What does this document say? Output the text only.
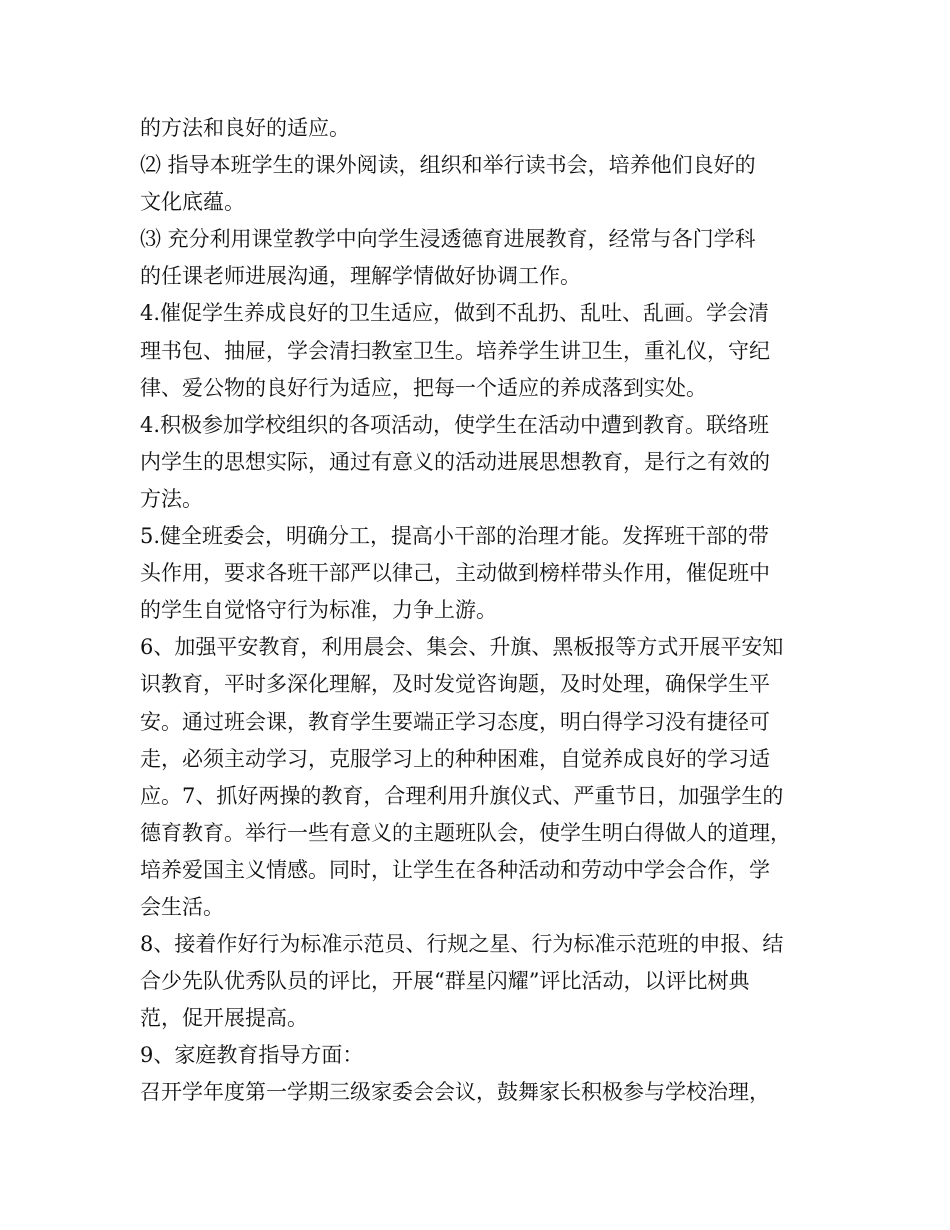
的方法和良好的适应。
⑵ 指导本班学生的课外阅读，组织和举行读书会，培养他们良好的
文化底蕴。
⑶ 充分利用课堂教学中向学生浸透德育进展教育，经常与各门学科
的任课老师进展沟通，理解学情做好协调工作。
4.催促学生养成良好的卫生适应，做到不乱扔、乱吐、乱画。学会清
理书包、抽屉，学会清扫教室卫生。培养学生讲卫生，重礼仪，守纪
律、爱公物的良好行为适应，把每一个适应的养成落到实处。
4.积极参加学校组织的各项活动，使学生在活动中遭到教育。联络班
内学生的思想实际，通过有意义的活动进展思想教育，是行之有效的
方法。
5.健全班委会，明确分工，提高小干部的治理才能。发挥班干部的带
头作用，要求各班干部严以律己，主动做到榜样带头作用，催促班中
的学生自觉恪守行为标准，力争上游。
6、加强平安教育，利用晨会、集会、升旗、黑板报等方式开展平安知
识教育，平时多深化理解，及时发觉咨询题，及时处理，确保学生平
安。通过班会课，教育学生要端正学习态度，明白得学习没有捷径可
走，必须主动学习，克服学习上的种种困难，自觉养成良好的学习适
应。7、抓好两操的教育，合理利用升旗仪式、严重节日，加强学生的
德育教育。举行一些有意义的主题班队会，使学生明白得做人的道理，
培养爱国主义情感。同时，让学生在各种活动和劳动中学会合作，学
会生活。
8、接着作好行为标准示范员、行规之星、行为标准示范班的申报、结
合少先队优秀队员的评比，开展“群星闪耀”评比活动，以评比树典
范，促开展提高。
9、家庭教育指导方面：
召开学年度第一学期三级家委会会议，鼓舞家长积极参与学校治理，
